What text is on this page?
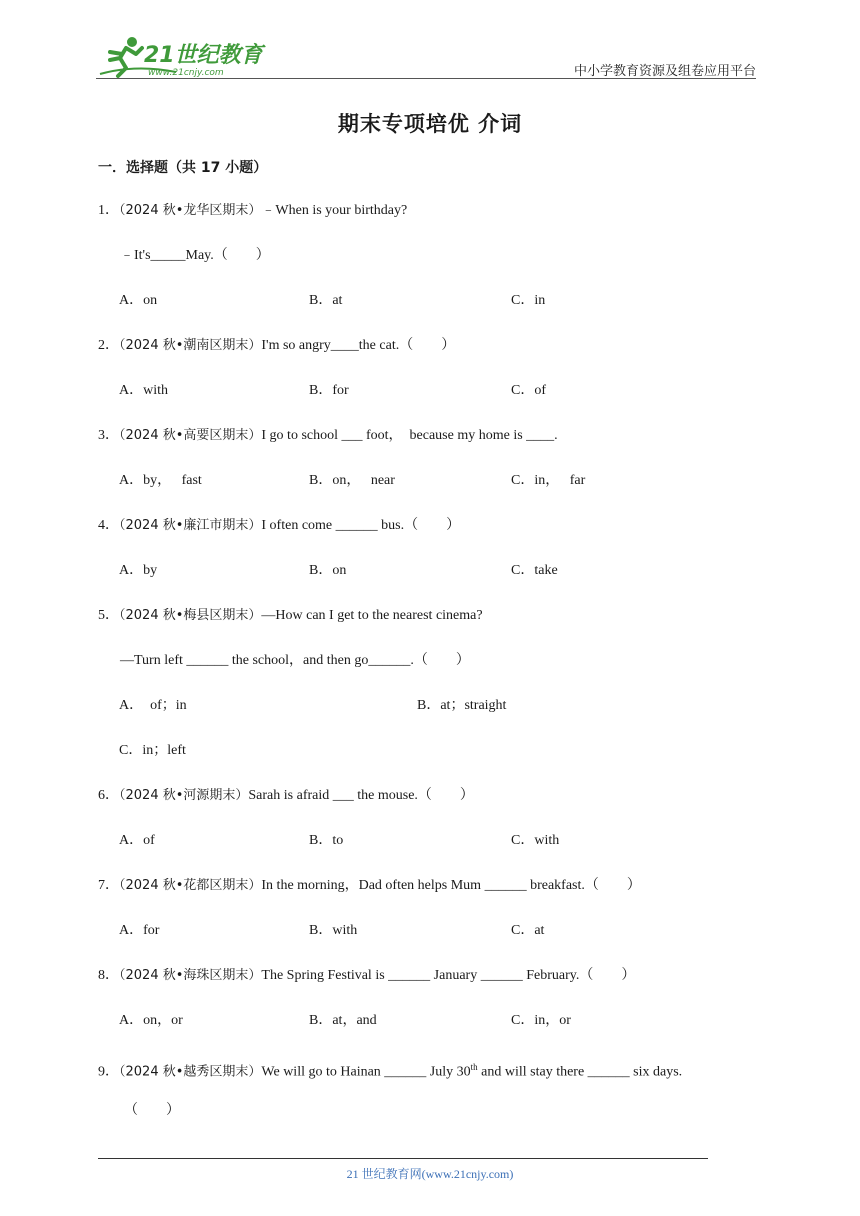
21世纪教育
www.21cnjy.com	中小学教育资源及组卷应用平台
期末专项培优 介词
一．选择题（共 17 小题）
1．（2024 秋•龙华区期末）﹣When is your birthday?
﹣It's_____May.（　　）
A．on	B．at	C．in
2．（2024 秋•潮南区期末）I'm so angry____the cat.（　　）
A．with	B．for	C．of
3．（2024 秋•高要区期末）I go to school ___ foot，  because my home is ____.
A．by，   fast	B．on，   near	C．in，   far
4．（2024 秋•廉江市期末）I often come ______ bus.（　　）
A．by	B．on	C．take
5．（2024 秋•梅县区期末）—How can I get to the nearest cinema?
—Turn left ______ the school，and then go______.（　　）
A．  of；in	B．at；straight
C．in；left
6．（2024 秋•河源期末）Sarah is afraid ___ the mouse.（　　）
A．of	B．to	C．with
7．（2024 秋•花都区期末）In the morning，Dad often helps Mum ______ breakfast.（　　）
A．for	B．with	C．at
8．（2024 秋•海珠区期末）The Spring Festival is ______ January ______ February.（　　）
A．on，or	B．at，and	C．in，or
9．（2024 秋•越秀区期末）We will go to Hainan ______ July 30th and will stay there ______ six days.
（　　）
21 世纪教育网(www.21cnjy.com)
